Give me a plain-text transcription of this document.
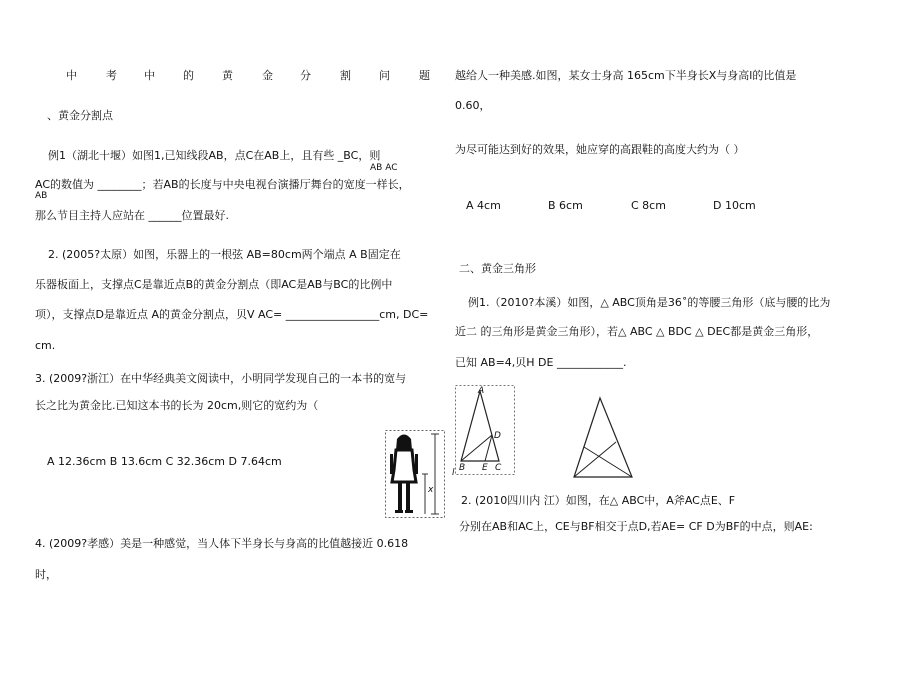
中	考 中	的	黄	金 分	割	问	题
、黄金分割点
例1（湖北十堰）如图1,已知线段AB，点C在AB上，且有些 _BC，则
AB AC
AC的数值为 ________；若AB的长度与中央电视台演播厅舞台的宽度一样长，
AB
那么节目主持人应站在 ______位置最好.
2. (2005?太原）如图，乐器上的一根弦 AB=80cm两个端点 A B固定在
乐器板面上，支撑点C是靠近点B的黄金分割点（即AC是AB与BC的比例中
项），支撑点D是靠近点 A的黄金分割点，贝V AC= _________________cm, DC=
cm.
3. (2009?浙江）在中华经典美文阅读中，小明同学发现自己的一本书的宽与
长之比为黄金比.已知这本书的长为 20cm,则它的宽约为（
A 12.36cm B 13.6cm C 32.36cm D 7.64cm
4. (2009?孝感）美是一种感觉，当人体下半身长与身高的比值越接近 0.618
时，
l
x
越给人一种美感.如图，某女士身高 165cm下半身长X与身高l的比值是
0.60，
为尽可能达到好的效果，她应穿的高跟鞋的高度大约为（ ）
A 4cm	B 6cm	C 8cm	D 10cm
二、黄金三角形
例1.（2010?本溪）如图，△ ABC顶角是36˚的等腰三角形（底与腰的比为
近二 的三角形是黄金三角形），若△ ABC △ BDC △ DEC都是黄金三角形，
已知 AB=4,贝H DE ____________.
A
D
B E C
2. (2010四川内 江）如图，在△ ABC中，A斧AC点E、F
分别在AB和AC上，CE与BF相交于点D,若AE= CF D为BF的中点，则AE:
